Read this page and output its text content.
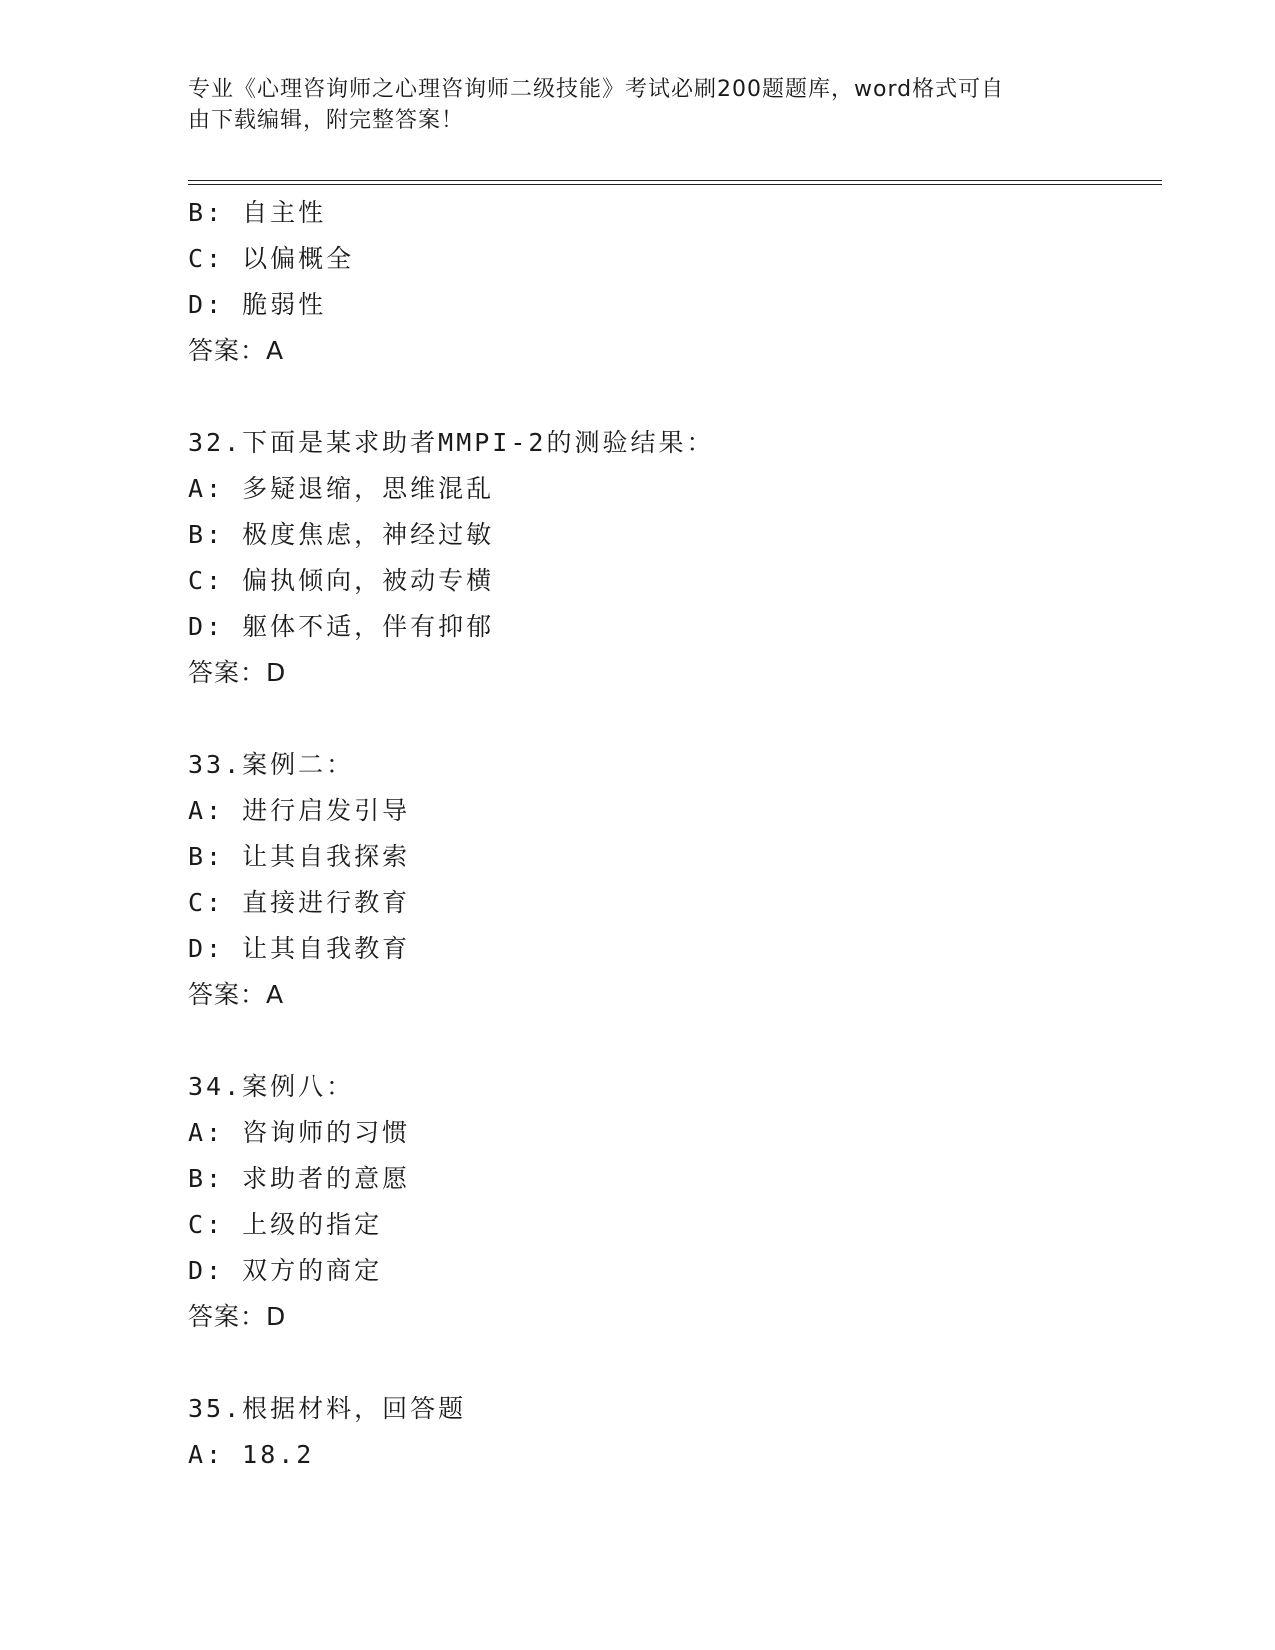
专业《心理咨询师之心理咨询师二级技能》考试必刷200题题库，word格式可自
由下载编辑，附完整答案！
B: 自主性
C: 以偏概全
D: 脆弱性
答案：A
32.下面是某求助者MMPI-2的测验结果：
A: 多疑退缩，思维混乱
B: 极度焦虑，神经过敏
C: 偏执倾向，被动专横
D: 躯体不适，伴有抑郁
答案：D
33.案例二：
A: 进行启发引导
B: 让其自我探索
C: 直接进行教育
D: 让其自我教育
答案：A
34.案例八：
A: 咨询师的习惯
B: 求助者的意愿
C: 上级的指定
D: 双方的商定
答案：D
35.根据材料，回答题
A: 18.2
